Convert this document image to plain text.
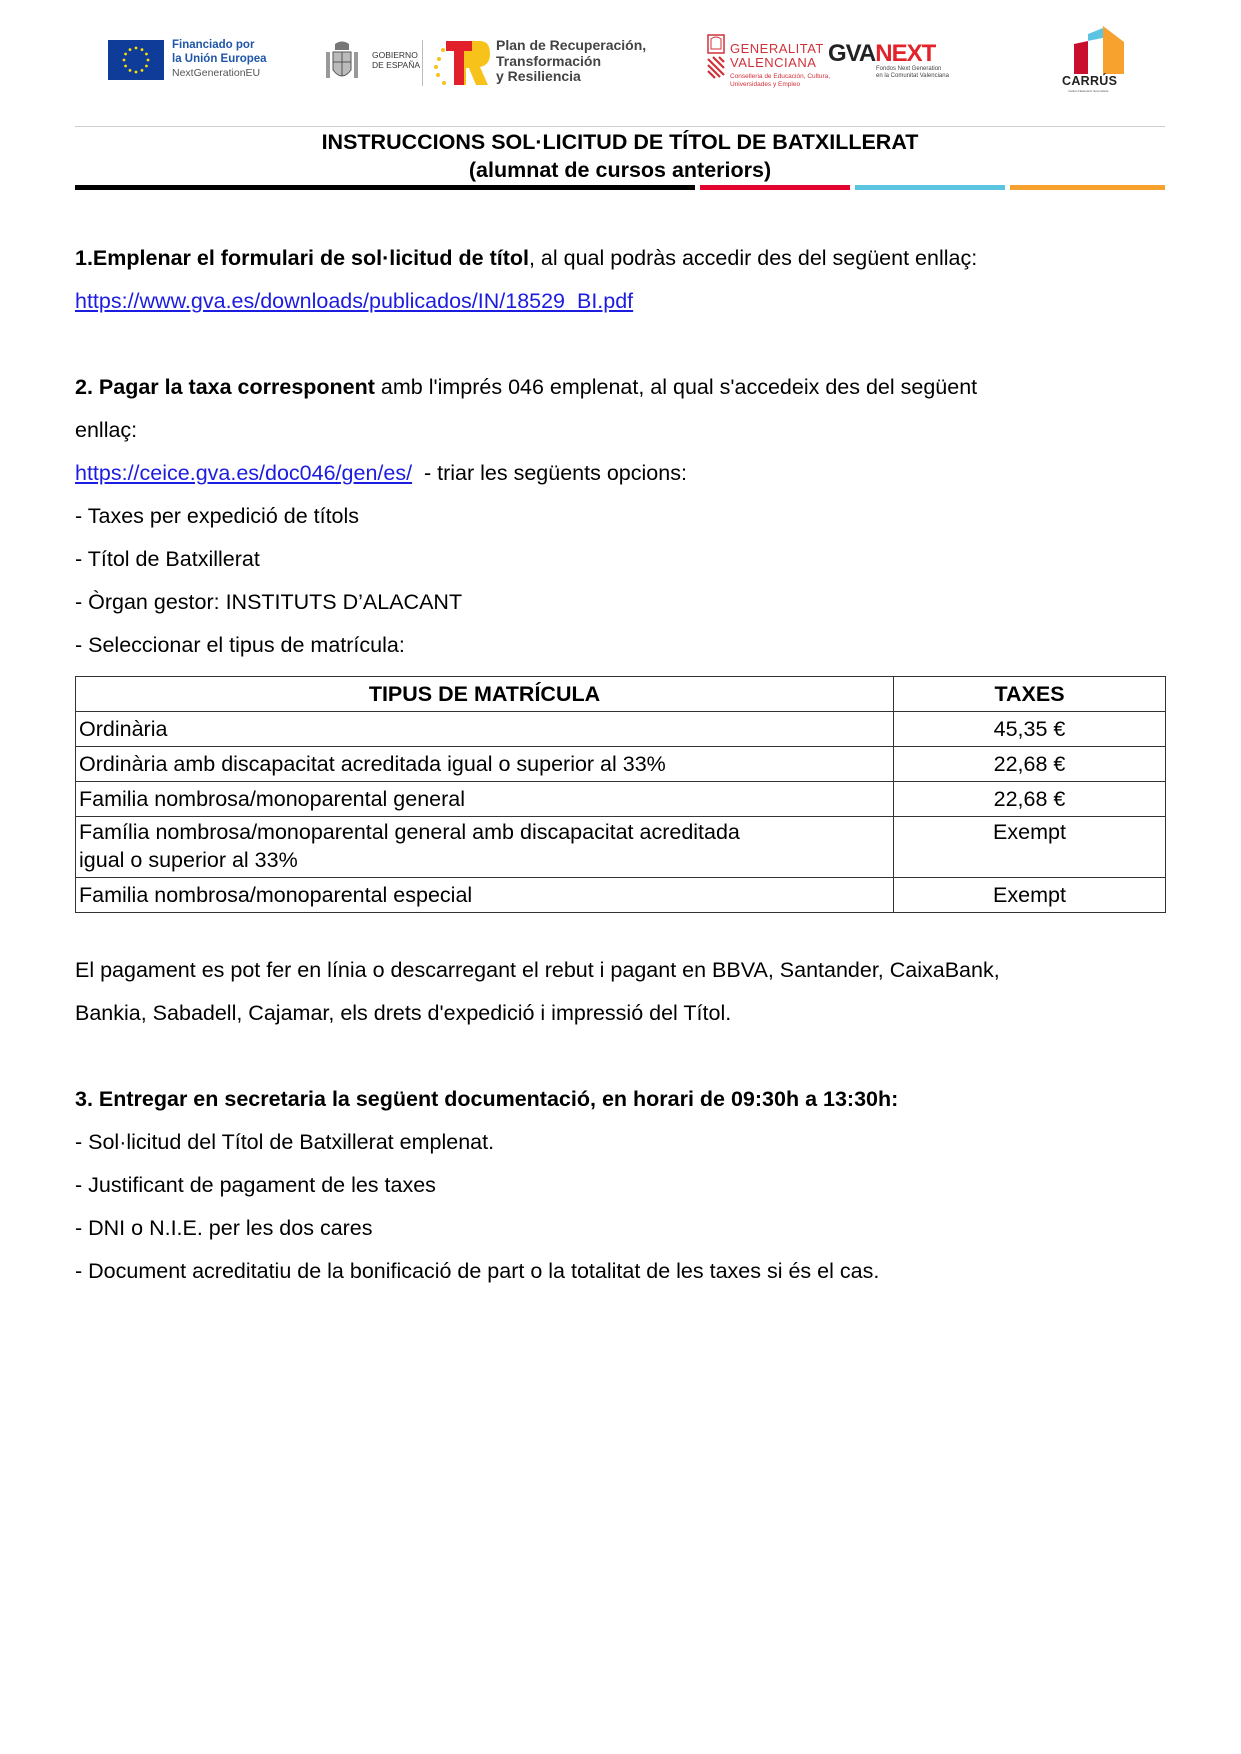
Financiado por
la Unión Europea
NextGenerationEU
GOBIERNO
DE ESPAÑA
Plan de Recuperación,
Transformación
y Resiliencia
GENERALITAT
VALENCIANA
Conselleria de Educación, Cultura,
Universidades y Empleo
GVANEXT
Fondos Next Generation
en la Comunitat Valenciana	CARRÚS
Institut d'Educació Secundària
INSTRUCCIONS SOL·LICITUD DE TÍTOL DE BATXILLERAT
(alumnat de cursos anteriors)
1.Emplenar el formulari de sol·licitud de títol, al qual podràs accedir des del següent enllaç:
https://www.gva.es/downloads/publicados/IN/18529_BI.pdf
2. Pagar la taxa corresponent amb l'imprés 046 emplenat, al qual s'accedeix des del següent
enllaç:
https://ceice.gva.es/doc046/gen/es/  - triar les següents opcions:
- Taxes per expedició de títols
- Títol de Batxillerat
- Òrgan gestor: INSTITUTS D’ALACANT
- Seleccionar el tipus de matrícula:
TIPUS DE MATRÍCULA	TAXES
Ordinària	45,35 €
Ordinària amb discapacitat acreditada igual o superior al 33%	22,68 €
Familia nombrosa/monoparental general	22,68 €

Família nombrosa/monoparental general amb discapacitat acreditada
igual o superior al 33%	Exempt
Familia nombrosa/monoparental especial	Exempt
El pagament es pot fer en línia o descarregant el rebut i pagant en BBVA, Santander, CaixaBank,
Bankia, Sabadell, Cajamar, els drets d'expedició i impressió del Títol.
3. Entregar en secretaria la següent documentació, en horari de 09:30h a 13:30h:
- Sol·licitud del Títol de Batxillerat emplenat.
- Justificant de pagament de les taxes
- DNI o N.I.E. per les dos cares
- Document acreditatiu de la bonificació de part o la totalitat de les taxes si és el cas.
